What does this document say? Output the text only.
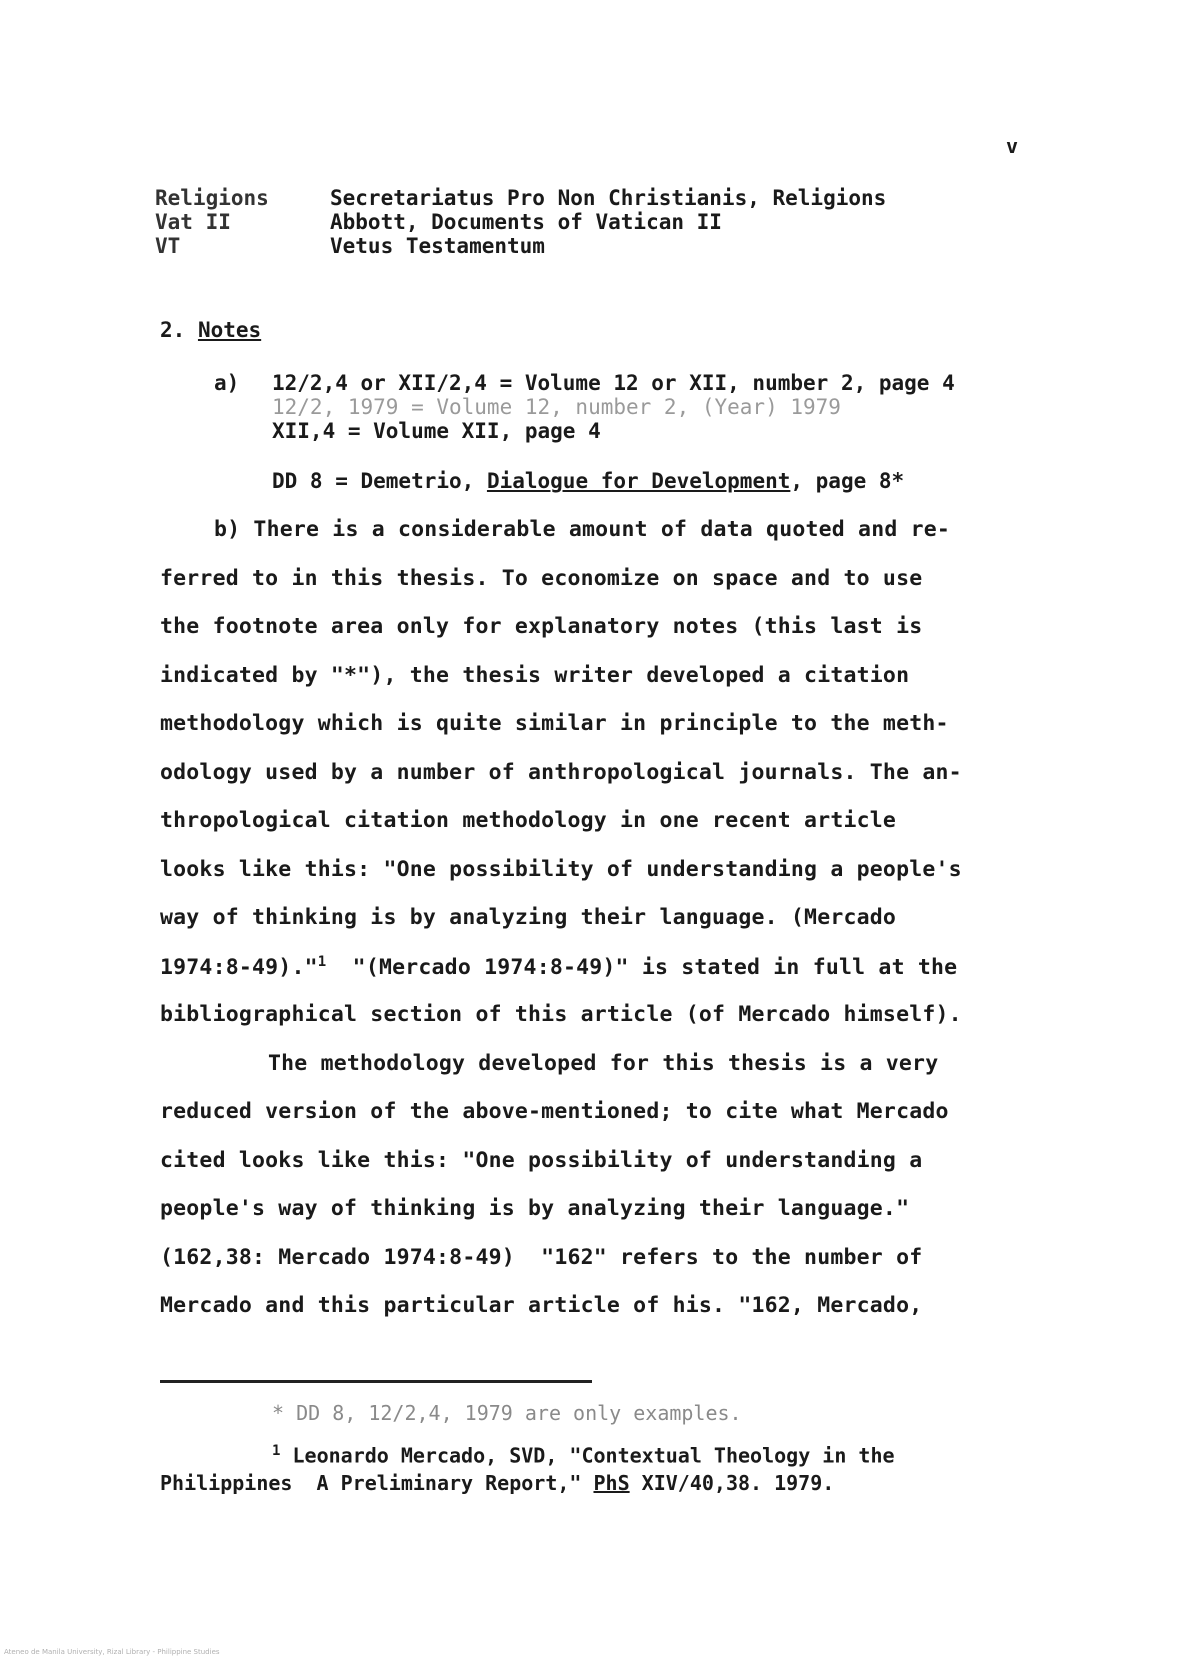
v
Religions	Secretariatus Pro Non Christianis, Religions
Vat II	Abbott, Documents of Vatican II
VT	Vetus Testamentum
2. Notes
a) 12/2,4 or XII/2,4 = Volume 12 or XII, number 2, page 4
12/2, 1979 = Volume 12, number 2, (Year) 1979
XII,4 = Volume XII, page 4
DD 8 = Demetrio, Dialogue for Development, page 8*
b) There is a considerable amount of data quoted and re-
ferred to in this thesis. To economize on space and to use
the footnote area only for explanatory notes (this last is
indicated by "*"), the thesis writer developed a citation
methodology which is quite similar in principle to the meth-
odology used by a number of anthropological journals. The an-
thropological citation methodology in one recent article
looks like this: "One possibility of understanding a people's
way of thinking is by analyzing their language. (Mercado
1974:8-49)."$^1$ "(Mercado 1974:8-49)" is stated in full at the
bibliographical section of this article (of Mercado himself).
The methodology developed for this thesis is a very
reduced version of the above-mentioned; to cite what Mercado
cited looks like this: "One possibility of understanding a
people's way of thinking is by analyzing their language."
(162,38: Mercado 1974:8-49)  "162" refers to the number of
Mercado and this particular article of his. "162, Mercado,
* DD 8, 12/2,4, 1979 are only examples.
$^1$ Leonardo Mercado, SVD, "Contextual Theology in the
Philippines  A Preliminary Report," PhS XIV/40,38. 1979.
Ateneo de Manila University, Rizal Library - Philippine Studies
